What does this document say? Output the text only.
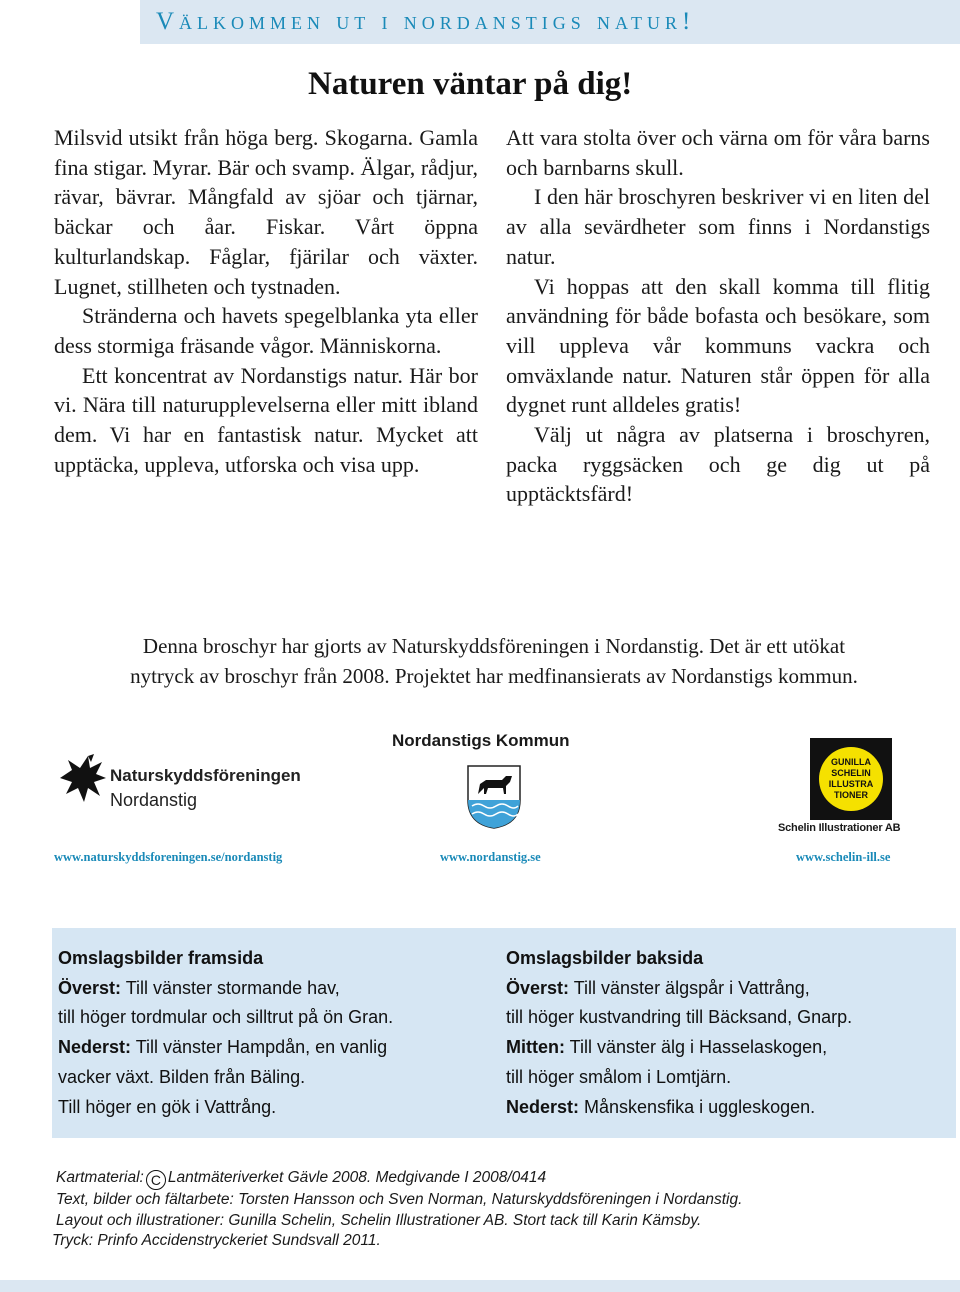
Välkommen ut i nordanstigs natur!
Naturen väntar på dig!

Milsvid utsikt från höga berg. Skogarna. Gamla fina stigar. Myrar. Bär och svamp. Älgar, rådjur, rävar, bävrar. Mångfald av sjöar och tjärnar, bäckar och åar. Fiskar. Vårt öppna kulturlandskap. Fåglar, fjärilar och växter. Lugnet, stillheten och tystnaden.

Stränderna och havets spegelblanka yta eller dess stormiga fräsande vågor. Människorna.

Ett koncentrat av Nordanstigs natur. Här bor vi. Nära till naturupplevelserna eller mitt ibland dem. Vi har en fantastisk natur. Mycket att upptäcka, uppleva, utforska och visa upp.

Att vara stolta över och värna om för våra barns och barnbarns skull.

I den här broschyren beskriver vi en liten del av alla sevärdheter som finns i Nordanstigs natur.

Vi hoppas att den skall komma till flitig användning för både bofasta och besökare, som vill uppleva vår kommuns vackra och omväxlande natur. Naturen står öppen för alla dygnet runt alldeles gratis!

Välj ut några av platserna i broschyren, packa ryggsäcken och ge dig ut på upptäcktsfärd!

Denna broschyr har gjorts av Naturskyddsföreningen i Nordanstig. Det är ett utökat
nytryck av broschyr från 2008. Projektet har medfinansierats av Nordanstigs kommun.
Naturskyddsföreningen
Nordanstig
Nordanstigs Kommun
GUNILLA
SCHELIN
ILLUSTRA
TIONER
Schelin Illustrationer AB
www.naturskyddsforeningen.se/nordanstig	www.nordanstig.se	www.schelin-ill.se
Omslagsbilder framsida
Överst: Till vänster stormande hav,
till höger tordmular och silltrut på ön Gran.
Nederst: Till vänster Hampdån, en vanlig
vacker växt. Bilden från Bäling.
Till höger en gök i Vattrång.
Omslagsbilder baksida
Överst: Till vänster älgspår i Vattrång,
till höger kustvandring till Bäcksand, Gnarp.
Mitten: Till vänster älg i Hasselaskogen,
till höger smålom i Lomtjärn.
Nederst: Månskensfika i uggleskogen.
Kartmaterial: C Lantmäteriverket Gävle 2008. Medgivande I 2008/0414
Text, bilder och fältarbete: Torsten Hansson och Sven Norman, Naturskyddsföreningen i Nordanstig.
Layout och illustrationer: Gunilla Schelin, Schelin Illustrationer AB. Stort tack till Karin Kämsby.
Tryck: Prinfo Accidenstryckeriet Sundsvall 2011.
